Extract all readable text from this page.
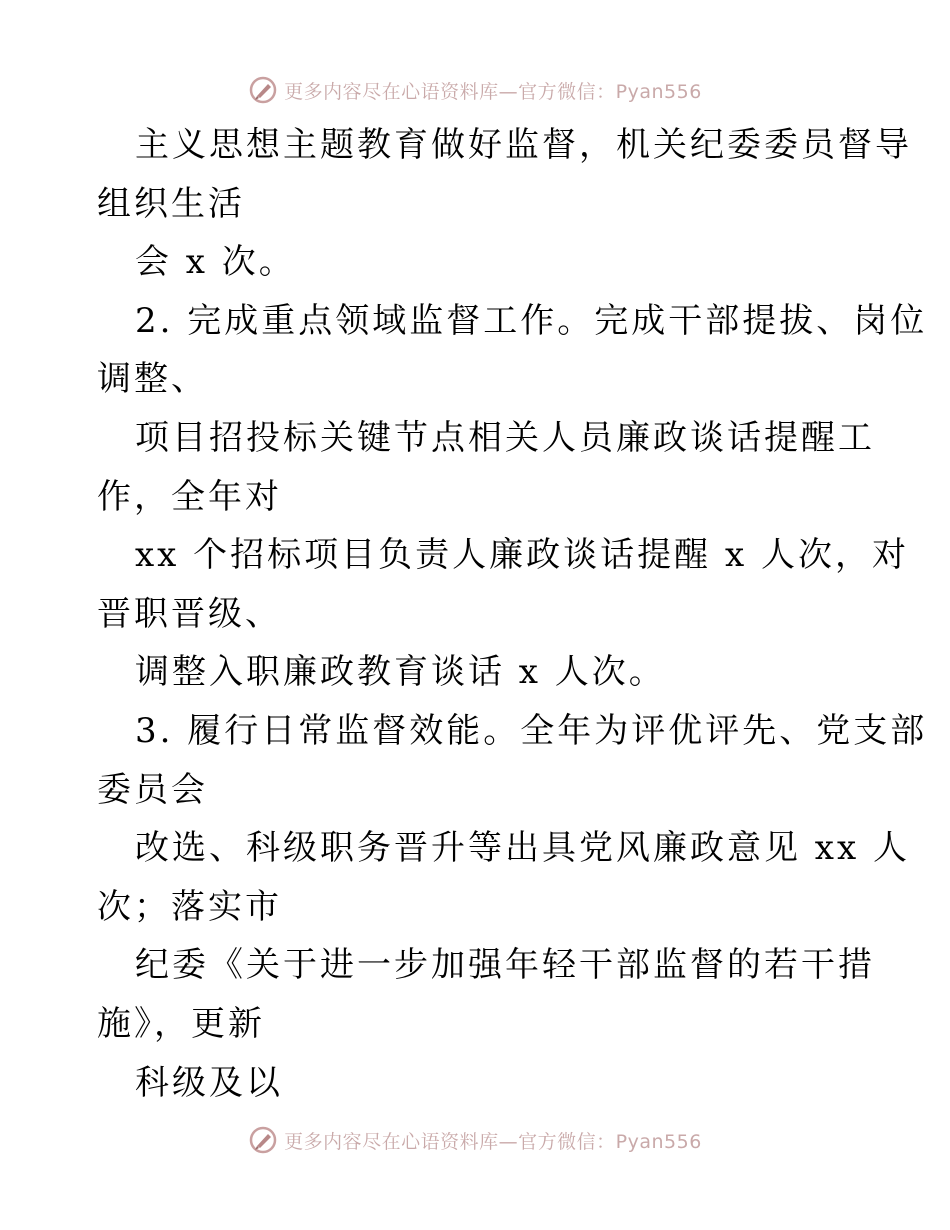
更多内容尽在心语资料库—官方微信：Pyan556
主义思想主题教育做好监督，机关纪委委员督导
组织生活
会 x 次。
2. 完成重点领域监督工作。完成干部提拔、岗位
调整、
项目招投标关键节点相关人员廉政谈话提醒工
作，全年对
xx 个招标项目负责人廉政谈话提醒 x 人次，对
晋职晋级、
调整入职廉政教育谈话 x 人次。
3. 履行日常监督效能。全年为评优评先、党支部
委员会
改选、科级职务晋升等出具党风廉政意见 xx 人
次；落实市
纪委《关于进一步加强年轻干部监督的若干措
施》，更新
科级及以
更多内容尽在心语资料库—官方微信：Pyan556
